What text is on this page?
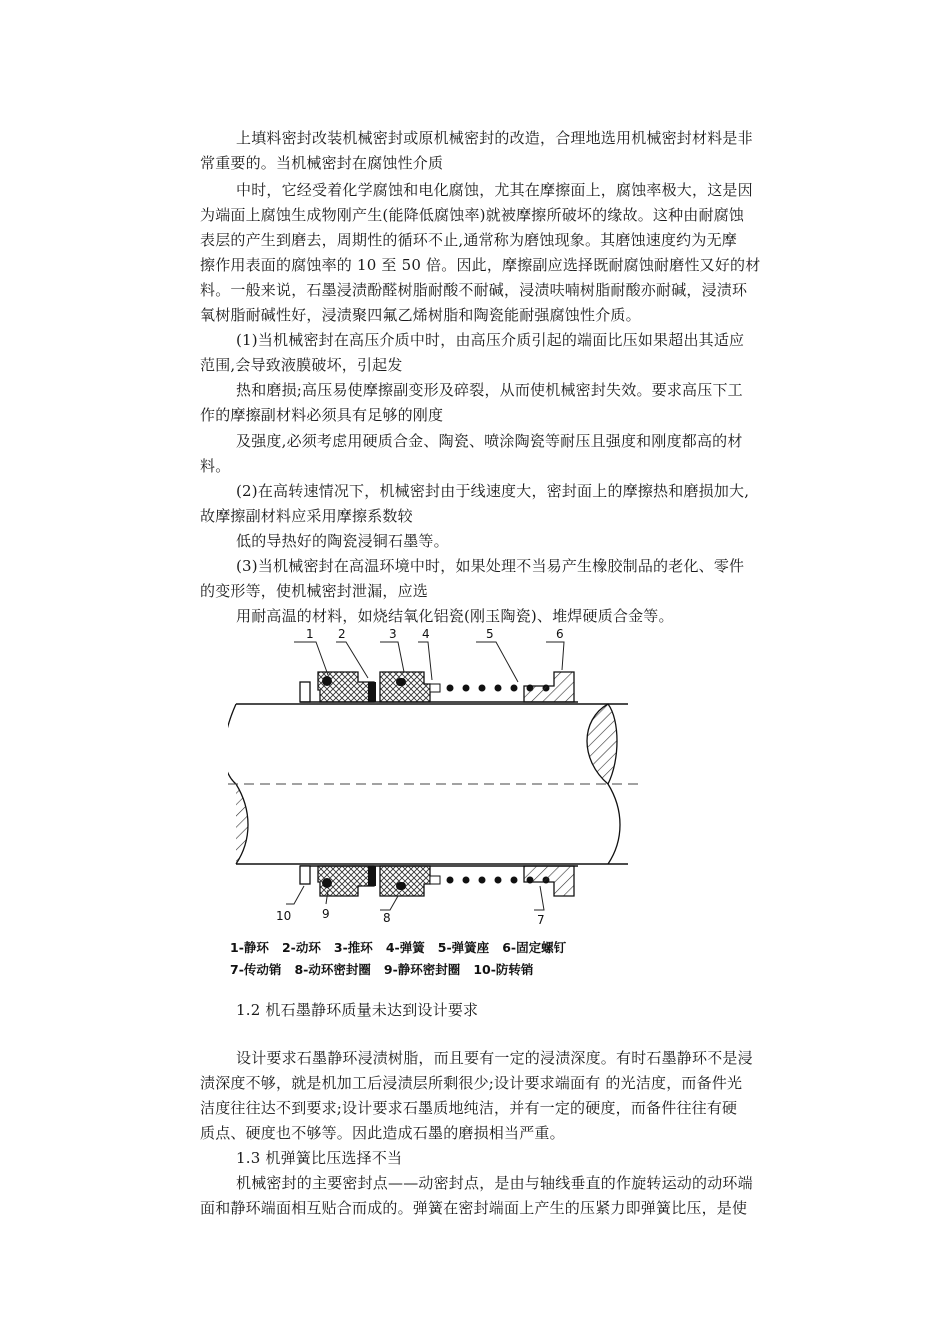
上填料密封改装机械密封或原机械密封的改造，合理地选用机械密封材料是非
常重要的。当机械密封在腐蚀性介质
中时，它经受着化学腐蚀和电化腐蚀，尤其在摩擦面上，腐蚀率极大，这是因
为端面上腐蚀生成物刚产生(能降低腐蚀率)就被摩擦所破坏的缘故。这种由耐腐蚀
表层的产生到磨去，周期性的循环不止,通常称为磨蚀现象。其磨蚀速度约为无摩
擦作用表面的腐蚀率的 10 至 50 倍。因此，摩擦副应选择既耐腐蚀耐磨性又好的材
料。一般来说，石墨浸渍酚醛树脂耐酸不耐碱，浸渍呋喃树脂耐酸亦耐碱，浸渍环
氧树脂耐碱性好，浸渍聚四氟乙烯树脂和陶瓷能耐强腐蚀性介质。
(1)当机械密封在高压介质中时，由高压介质引起的端面比压如果超出其适应
范围,会导致液膜破坏，引起发
热和磨损;高压易使摩擦副变形及碎裂，从而使机械密封失效。要求高压下工
作的摩擦副材料必须具有足够的刚度
及强度,必须考虑用硬质合金、陶瓷、喷涂陶瓷等耐压且强度和刚度都高的材
料。
(2)在高转速情况下，机械密封由于线速度大，密封面上的摩擦热和磨损加大,
故摩擦副材料应采用摩擦系数较
低的导热好的陶瓷浸铜石墨等。
(3)当机械密封在高温环境中时，如果处理不当易产生橡胶制品的老化、零件
的变形等，使机械密封泄漏，应选
用耐高温的材料，如烧结氧化铝瓷(刚玉陶瓷)、堆焊硬质合金等。
1 2	3 4	5	6
10	9	8	7
1-静环   2-动环   3-推环   4-弹簧   5-弹簧座   6-固定螺钉
7-传动销   8-动环密封圈   9-静环密封圈   10-防转销
1.2 机石墨静环质量未达到设计要求
设计要求石墨静环浸渍树脂，而且要有一定的浸渍深度。有时石墨静环不是浸
渍深度不够，就是机加工后浸渍层所剩很少;设计要求端面有 的光洁度，而备件光
洁度往往达不到要求;设计要求石墨质地纯洁，并有一定的硬度，而备件往往有硬
质点、硬度也不够等。因此造成石墨的磨损相当严重。
1.3 机弹簧比压选择不当
机械密封的主要密封点——动密封点，是由与轴线垂直的作旋转运动的动环端
面和静环端面相互贴合而成的。弹簧在密封端面上产生的压紧力即弹簧比压，是使
